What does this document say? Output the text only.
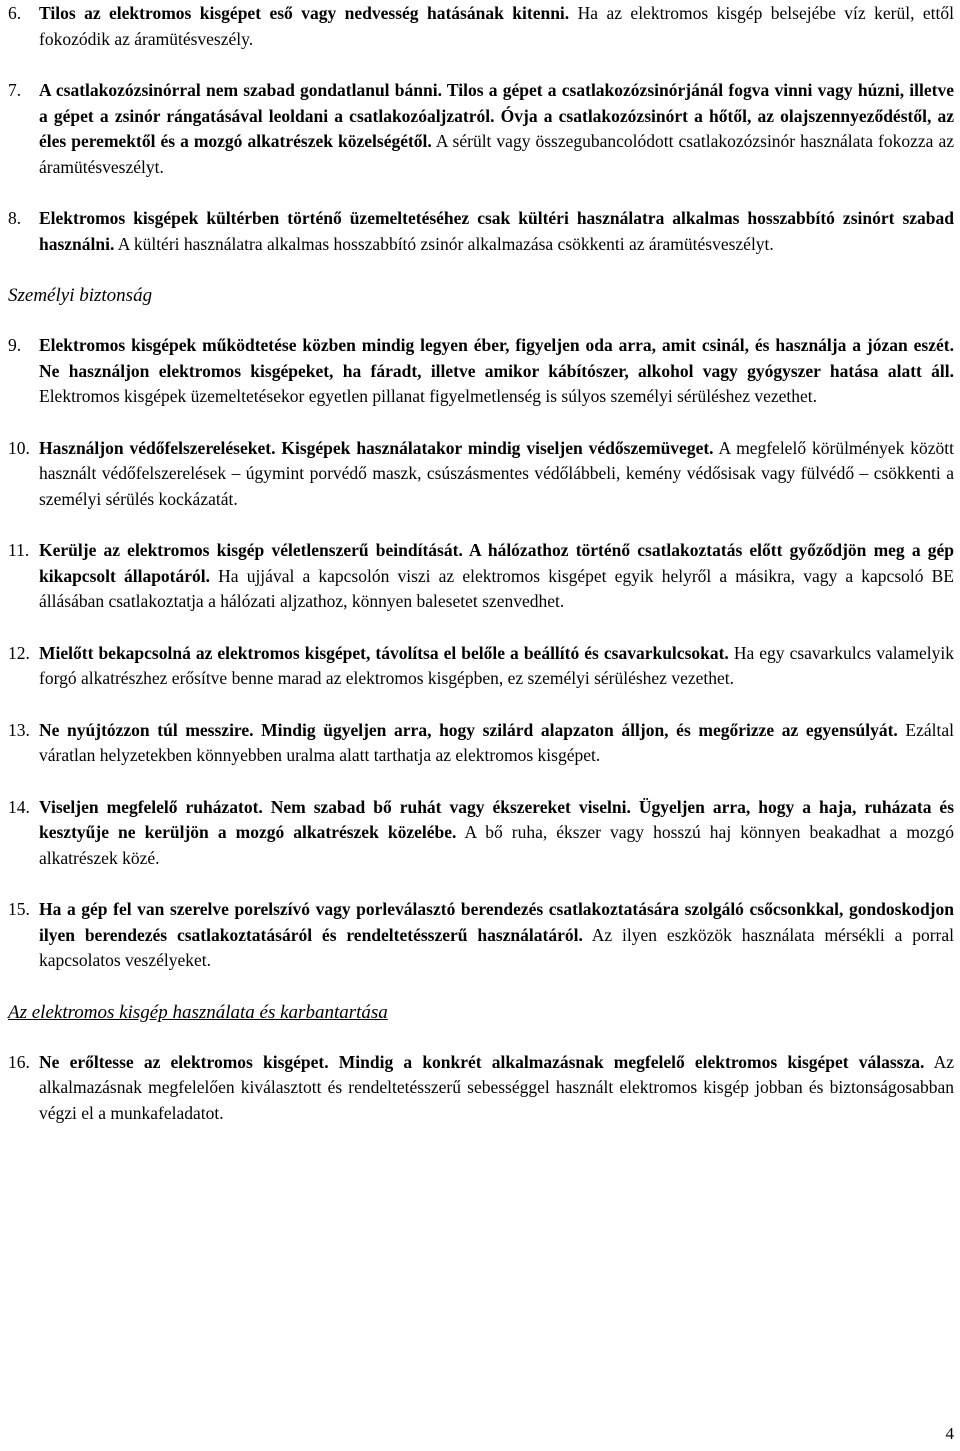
6. Tilos az elektromos kisgépet eső vagy nedvesség hatásának kitenni. Ha az elektromos kisgép belsejébe víz kerül, ettől fokozódik az áramütésveszély.
7. A csatlakozózsinórral nem szabad gondatlanul bánni. Tilos a gépet a csatlakozózsinórjánál fogva vinni vagy húzni, illetve a gépet a zsinór rángatásával leoldani a csatlakozóaljzatról. Óvja a csatlakozózsinórt a hőtől, az olajszennyeződéstől, az éles peremektől és a mozgó alkatrészek közelségétől. A sérült vagy összegubancolódott csatlakozózsinór használata fokozza az áramütésveszélyt.
8. Elektromos kisgépek kültérben történő üzemeltetéséhez csak kültéri használatra alkalmas hosszabbító zsinórt szabad használni. A kültéri használatra alkalmas hosszabbító zsinór alkalmazása csökkenti az áramütésveszélyt.
Személyi biztonság
9. Elektromos kisgépek működtetése közben mindig legyen éber, figyeljen oda arra, amit csinál, és használja a józan eszét. Ne használjon elektromos kisgépeket, ha fáradt, illetve amikor kábítószer, alkohol vagy gyógyszer hatása alatt áll. Elektromos kisgépek üzemeltetésekor egyetlen pillanat figyelmetlenség is súlyos személyi sérüléshez vezethet.
10. Használjon védőfelszereléseket. Kisgépek használatakor mindig viseljen védőszemüveget. A megfelelő körülmények között használt védőfelszerelések – úgymint porvédő maszk, csúszásmentes védőlábbeli, kemény védősisak vagy fülvédő – csökkenti a személyi sérülés kockázatát.
11. Kerülje az elektromos kisgép véletlenszerű beindítását. A hálózathoz történő csatlakoztatás előtt győződjön meg a gép kikapcsolt állapotáról. Ha ujjával a kapcsolón viszi az elektromos kisgépet egyik helyről a másikra, vagy a kapcsoló BE állásában csatlakoztatja a hálózati aljzathoz, könnyen balesetet szenvedhet.
12. Mielőtt bekapcsolná az elektromos kisgépet, távolítsa el belőle a beállító és csavarkulcsokat. Ha egy csavarkulcs valamelyik forgó alkatrészhez erősítve benne marad az elektromos kisgépben, ez személyi sérüléshez vezethet.
13. Ne nyújtózzon túl messzire. Mindig ügyeljen arra, hogy szilárd alapzaton álljon, és megőrizze az egyensúlyát. Ezáltal váratlan helyzetekben könnyebben uralma alatt tarthatja az elektromos kisgépet.
14. Viseljen megfelelő ruházatot. Nem szabad bő ruhát vagy ékszereket viselni. Ügyeljen arra, hogy a haja, ruházata és kesztyűje ne kerüljön a mozgó alkatrészek közelébe. A bő ruha, ékszer vagy hosszú haj könnyen beakadhat a mozgó alkatrészek közé.
15. Ha a gép fel van szerelve porelszívó vagy porleválasztó berendezés csatlakoztatására szolgáló csőcsonkkal, gondoskodjon ilyen berendezés csatlakoztatásáról és rendeltetésszerű használatáról. Az ilyen eszközök használata mérsékli a porral kapcsolatos veszélyeket.
Az elektromos kisgép használata és karbantartása
16. Ne erőltesse az elektromos kisgépet. Mindig a konkrét alkalmazásnak megfelelő elektromos kisgépet válassza. Az alkalmazásnak megfelelően kiválasztott és rendeltetésszerű sebességgel használt elektromos kisgép jobban és biztonságosabban végzi el a munkafeladatot.
4
